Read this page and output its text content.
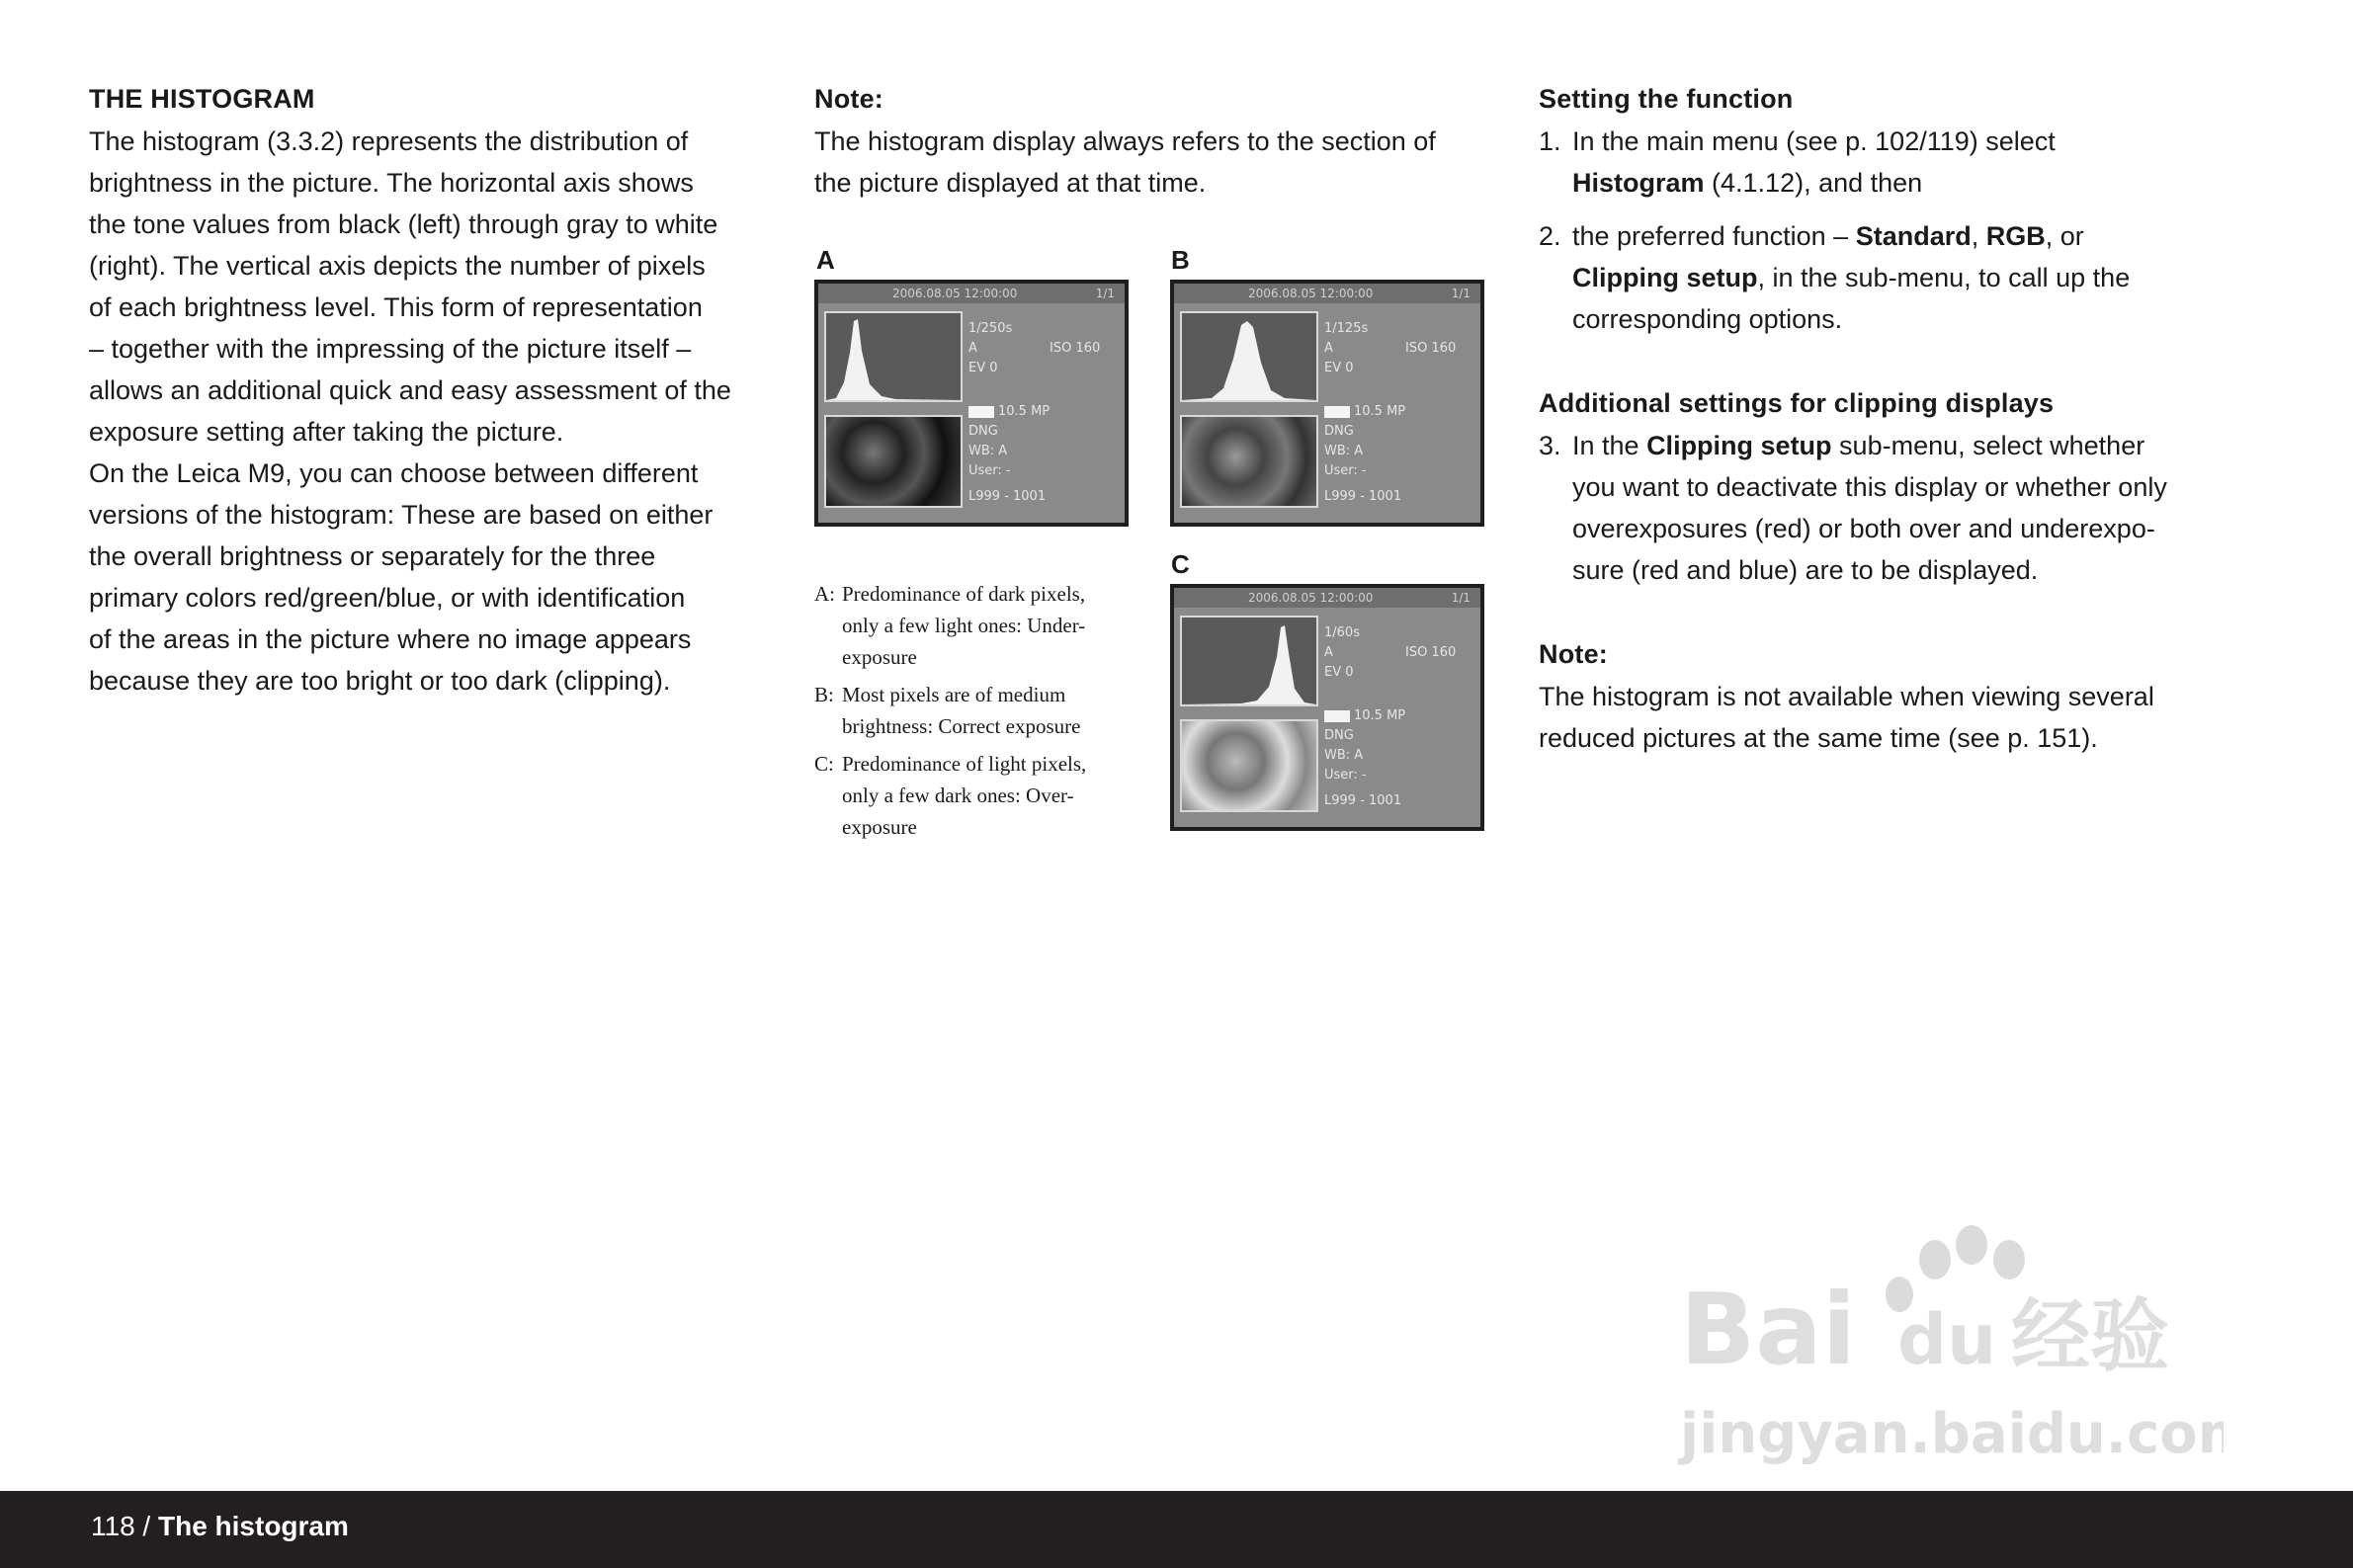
THE HISTOGRAM
The histogram (3.3.2) represents the distribution of
brightness in the picture. The horizontal axis shows
the tone values from black (left) through gray to white
(right). The vertical axis depicts the number of pixels
of each brightness level. This form of representation
– together with the impressing of the picture itself –
allows an additional quick and easy assessment of the
exposure setting after taking the picture.
On the Leica M9, you can choose between different
versions of the histogram: These are based on either
the overall brightness or separately for the three
primary colors red/green/blue, or with identification
of the areas in the picture where no image appears
because they are too bright or too dark (clipping).
Note:
The histogram display always refers to the section of
the picture displayed at that time.
A
2006.08.05 12:00:00	1/1
1/250s
A	ISO 160
EV 0
10.5 MP
DNG
WB: A
User: -
L999 - 1001
B
2006.08.05 12:00:00	1/1
1/125s
A	ISO 160
EV 0
10.5 MP
DNG
WB: A
User: -
L999 - 1001
C
2006.08.05 12:00:00	1/1
1/60s
A	ISO 160
EV 0
10.5 MP
DNG
WB: A
User: -
L999 - 1001
A: Predominance of dark pixels,
only a few light ones: Under-
exposure
B: Most pixels are of medium
brightness: Correct exposure
C: Predominance of light pixels,
only a few dark ones: Over-
exposure
Setting the function
1. In the main menu (see p. 102/119) select
Histogram (4.1.12), and then
2. the preferred function – Standard, RGB, or
Clipping setup, in the sub-menu, to call up the
corresponding options.
Additional settings for clipping displays
3. In the Clipping setup sub-menu, select whether
you want to deactivate this display or whether only
overexposures (red) or both over and underexpo-
sure (red and blue) are to be displayed.
Note:
The histogram is not available when viewing several
reduced pictures at the same time (see p. 151).
Bai du 经验
jingyan.baidu.com
118 / The histogram
